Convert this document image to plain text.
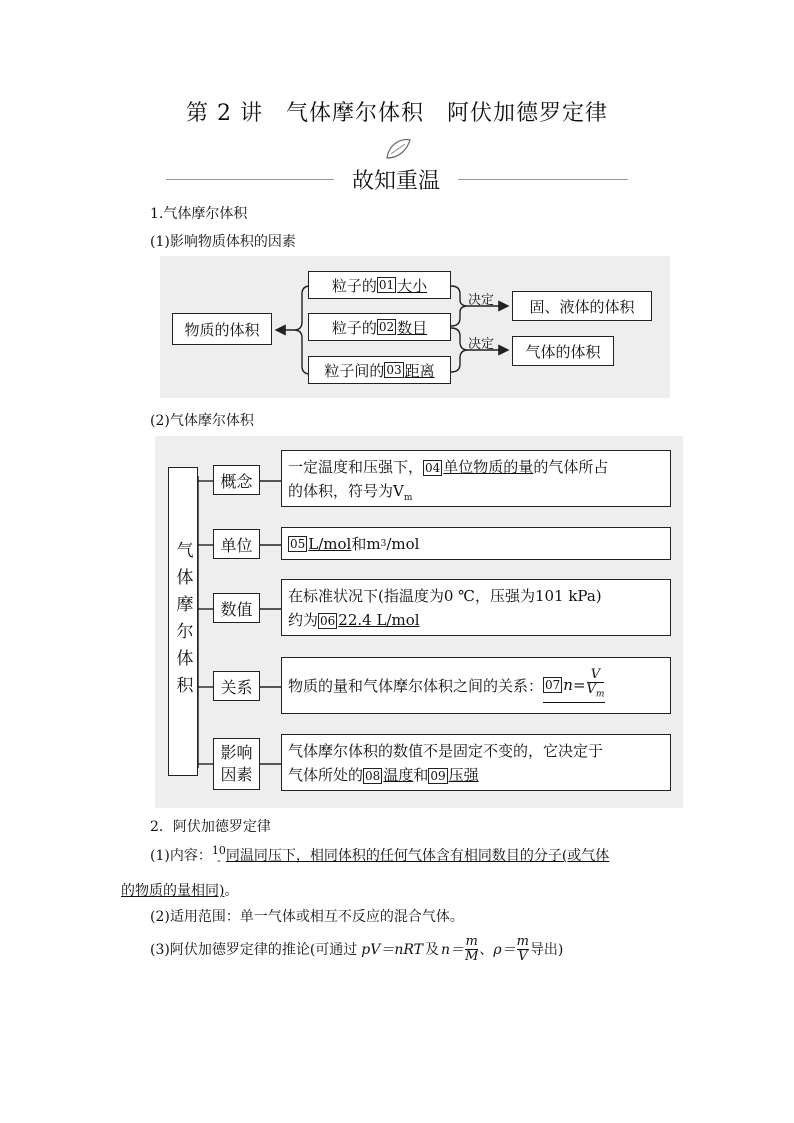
第 2 讲　气体摩尔体积　阿伏加德罗定律
故知重温
1.气体摩尔体积
(1)影响物质体积的因素
物质的体积
粒子的 01 大小
粒子的 02 数目
粒子间的 03 距离
决定
决定
固、液体的体积
气体的体积
(2)气体摩尔体积
气体摩尔体积
概念
单位
数值
关系
影响
因素
一定温度和压强下， 04 单位物质的量的气体所占
的体积，符号为$V_m$
05 L/mol 和m 3 /mol
在标准状况下(指温度为0 ℃，压强为101 kPa)
约为 06 22.4 L/mol
物质的量和气体摩尔体积之间的关系： 07 $n= \frac{V}{V_m}$
气体摩尔体积的数值不是固定不变的，它决定于
气体所处的 08 温度和 09 压强
2．阿伏加德罗定律
(1)内容： 10
- 同温同压下，相同体积的任何气体含有相同数目的分子(或气体
的物质的量相同)。
(2)适用范围：单一气体或相互不反应的混合气体。
(3)阿伏加德罗定律的推论(可通过 pV＝nRT 及 $n= \frac{m}{M}$ 、 $\rho= \frac{m}{V}$ 导出)
